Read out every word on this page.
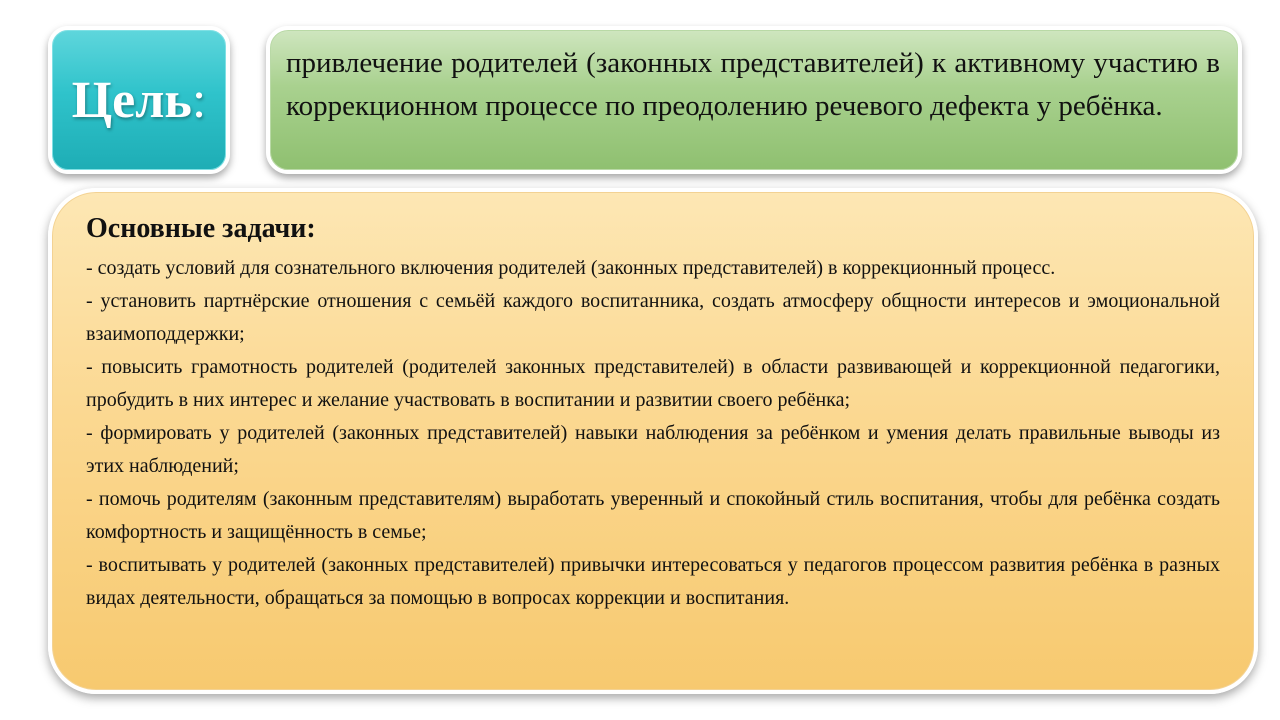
Цель:

привлечение родителей (законных представителей) к активному участию в коррекционном процессе по преодолению речевого дефекта у ребёнка.

Основные задачи:

- создать условий для сознательного включения родителей (законных представителей) в коррекционный процесс.

- установить партнёрские отношения с семьёй каждого воспитанника, создать атмосферу общности интересов и эмоциональной взаимоподдержки;

- повысить грамотность родителей (родителей законных представителей) в области развивающей и коррекционной педагогики, пробудить в них интерес и желание участвовать в воспитании и развитии своего ребёнка;

- формировать у родителей (законных представителей) навыки наблюдения за ребёнком и умения делать правильные выводы из этих наблюдений;

- помочь родителям (законным представителям) выработать уверенный и спокойный стиль воспитания, чтобы для ребёнка создать комфортность и защищённость в семье;

- воспитывать у родителей (законных представителей) привычки интересоваться у педагогов процессом развития ребёнка в разных видах деятельности, обращаться за помощью в вопросах коррекции и воспитания.
